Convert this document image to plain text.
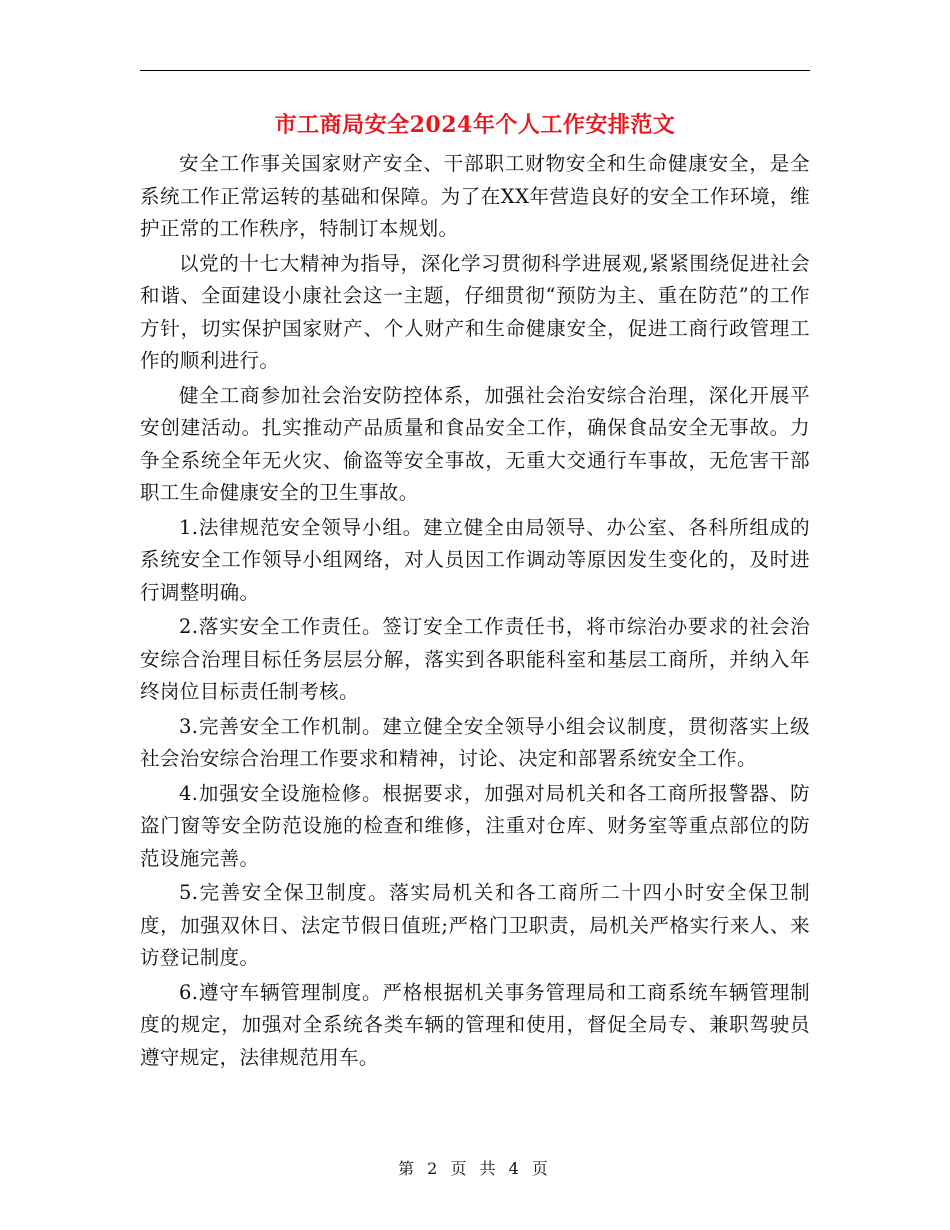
市工商局安全2024年个人工作安排范文

安全工作事关国家财产安全、干部职工财物安全和生命健康安全，是全系统工作正常运转的基础和保障。为了在XX年营造良好的安全工作环境，维护正常的工作秩序，特制订本规划。

以党的十七大精神为指导，深化学习贯彻科学进展观,紧紧围绕促进社会和谐、全面建设小康社会这一主题，仔细贯彻“预防为主、重在防范”的工作方针，切实保护国家财产、个人财产和生命健康安全，促进工商行政管理工作的顺利进行。

健全工商参加社会治安防控体系，加强社会治安综合治理，深化开展平安创建活动。扎实推动产品质量和食品安全工作，确保食品安全无事故。力争全系统全年无火灾、偷盗等安全事故，无重大交通行车事故，无危害干部职工生命健康安全的卫生事故。

1.法律规范安全领导小组。建立健全由局领导、办公室、各科所组成的系统安全工作领导小组网络，对人员因工作调动等原因发生变化的，及时进行调整明确。

2.落实安全工作责任。签订安全工作责任书，将市综治办要求的社会治安综合治理目标任务层层分解，落实到各职能科室和基层工商所，并纳入年终岗位目标责任制考核。

3.完善安全工作机制。建立健全安全领导小组会议制度，贯彻落实上级社会治安综合治理工作要求和精神，讨论、决定和部署系统安全工作。

4.加强安全设施检修。根据要求，加强对局机关和各工商所报警器、防盗门窗等安全防范设施的检查和维修，注重对仓库、财务室等重点部位的防范设施完善。

5.完善安全保卫制度。落实局机关和各工商所二十四小时安全保卫制度，加强双休日、法定节假日值班;严格门卫职责，局机关严格实行来人、来访登记制度。

6.遵守车辆管理制度。严格根据机关事务管理局和工商系统车辆管理制度的规定，加强对全系统各类车辆的管理和使用，督促全局专、兼职驾驶员遵守规定，法律规范用车。

第 2 页 共 4 页
